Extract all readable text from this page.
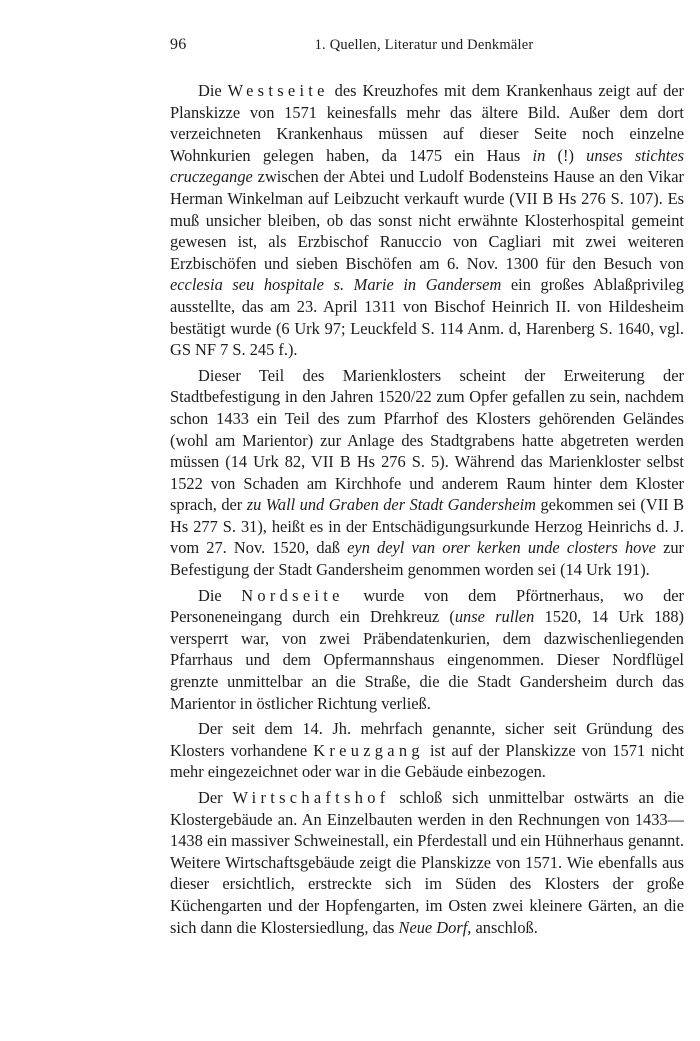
96	1. Quellen, Literatur und Denkmäler

Die Westseite des Kreuzhofes mit dem Krankenhaus zeigt auf der Planskizze von 1571 keinesfalls mehr das ältere Bild. Außer dem dort verzeichneten Krankenhaus müssen auf dieser Seite noch einzelne Wohnkurien gelegen haben, da 1475 ein Haus in (!) unses stichtes cruczegange zwischen der Abtei und Ludolf Bodensteins Hause an den Vikar Herman Winkelman auf Leibzucht verkauft wurde (VII B Hs 276 S. 107). Es muß unsicher bleiben, ob das sonst nicht erwähnte Klosterhospital gemeint gewesen ist, als Erzbischof Ranuccio von Cagliari mit zwei weiteren Erzbischöfen und sieben Bischöfen am 6. Nov. 1300 für den Besuch von ecclesia seu hospitale s. Marie in Gandersem ein großes Ablaßprivileg ausstellte, das am 23. April 1311 von Bischof Heinrich II. von Hildesheim bestätigt wurde (6 Urk 97; Leuckfeld S. 114 Anm. d, Harenberg S. 1640, vgl. GS NF 7 S. 245 f.).

Dieser Teil des Marienklosters scheint der Erweiterung der Stadtbefestigung in den Jahren 1520/22 zum Opfer gefallen zu sein, nachdem schon 1433 ein Teil des zum Pfarrhof des Klosters gehörenden Geländes (wohl am Marientor) zur Anlage des Stadtgrabens hatte abgetreten werden müssen (14 Urk 82, VII B Hs 276 S. 5). Während das Marienkloster selbst 1522 von Schaden am Kirchhofe und anderem Raum hinter dem Kloster sprach, der zu Wall und Graben der Stadt Gandersheim gekommen sei (VII B Hs 277 S. 31), heißt es in der Entschädigungsurkunde Herzog Heinrichs d. J. vom 27. Nov. 1520, daß eyn deyl van orer kerken unde closters hove zur Befestigung der Stadt Gandersheim genommen worden sei (14 Urk 191).

Die Nordseite wurde von dem Pförtnerhaus, wo der Personeneingang durch ein Drehkreuz (unse rullen 1520, 14 Urk 188) versperrt war, von zwei Präbendatenkurien, dem dazwischenliegenden Pfarrhaus und dem Opfermannshaus eingenommen. Dieser Nordflügel grenzte unmittelbar an die Straße, die die Stadt Gandersheim durch das Marientor in östlicher Richtung verließ.

Der seit dem 14. Jh. mehrfach genannte, sicher seit Gründung des Klosters vorhandene Kreuzgang ist auf der Planskizze von 1571 nicht mehr eingezeichnet oder war in die Gebäude einbezogen.

Der Wirtschaftshof schloß sich unmittelbar ostwärts an die Klostergebäude an. An Einzelbauten werden in den Rechnungen von 1433—1438 ein massiver Schweinestall, ein Pferdestall und ein Hühnerhaus genannt. Weitere Wirtschaftsgebäude zeigt die Planskizze von 1571. Wie ebenfalls aus dieser ersichtlich, erstreckte sich im Süden des Klosters der große Küchengarten und der Hopfengarten, im Osten zwei kleinere Gärten, an die sich dann die Klostersiedlung, das Neue Dorf, anschloß.
